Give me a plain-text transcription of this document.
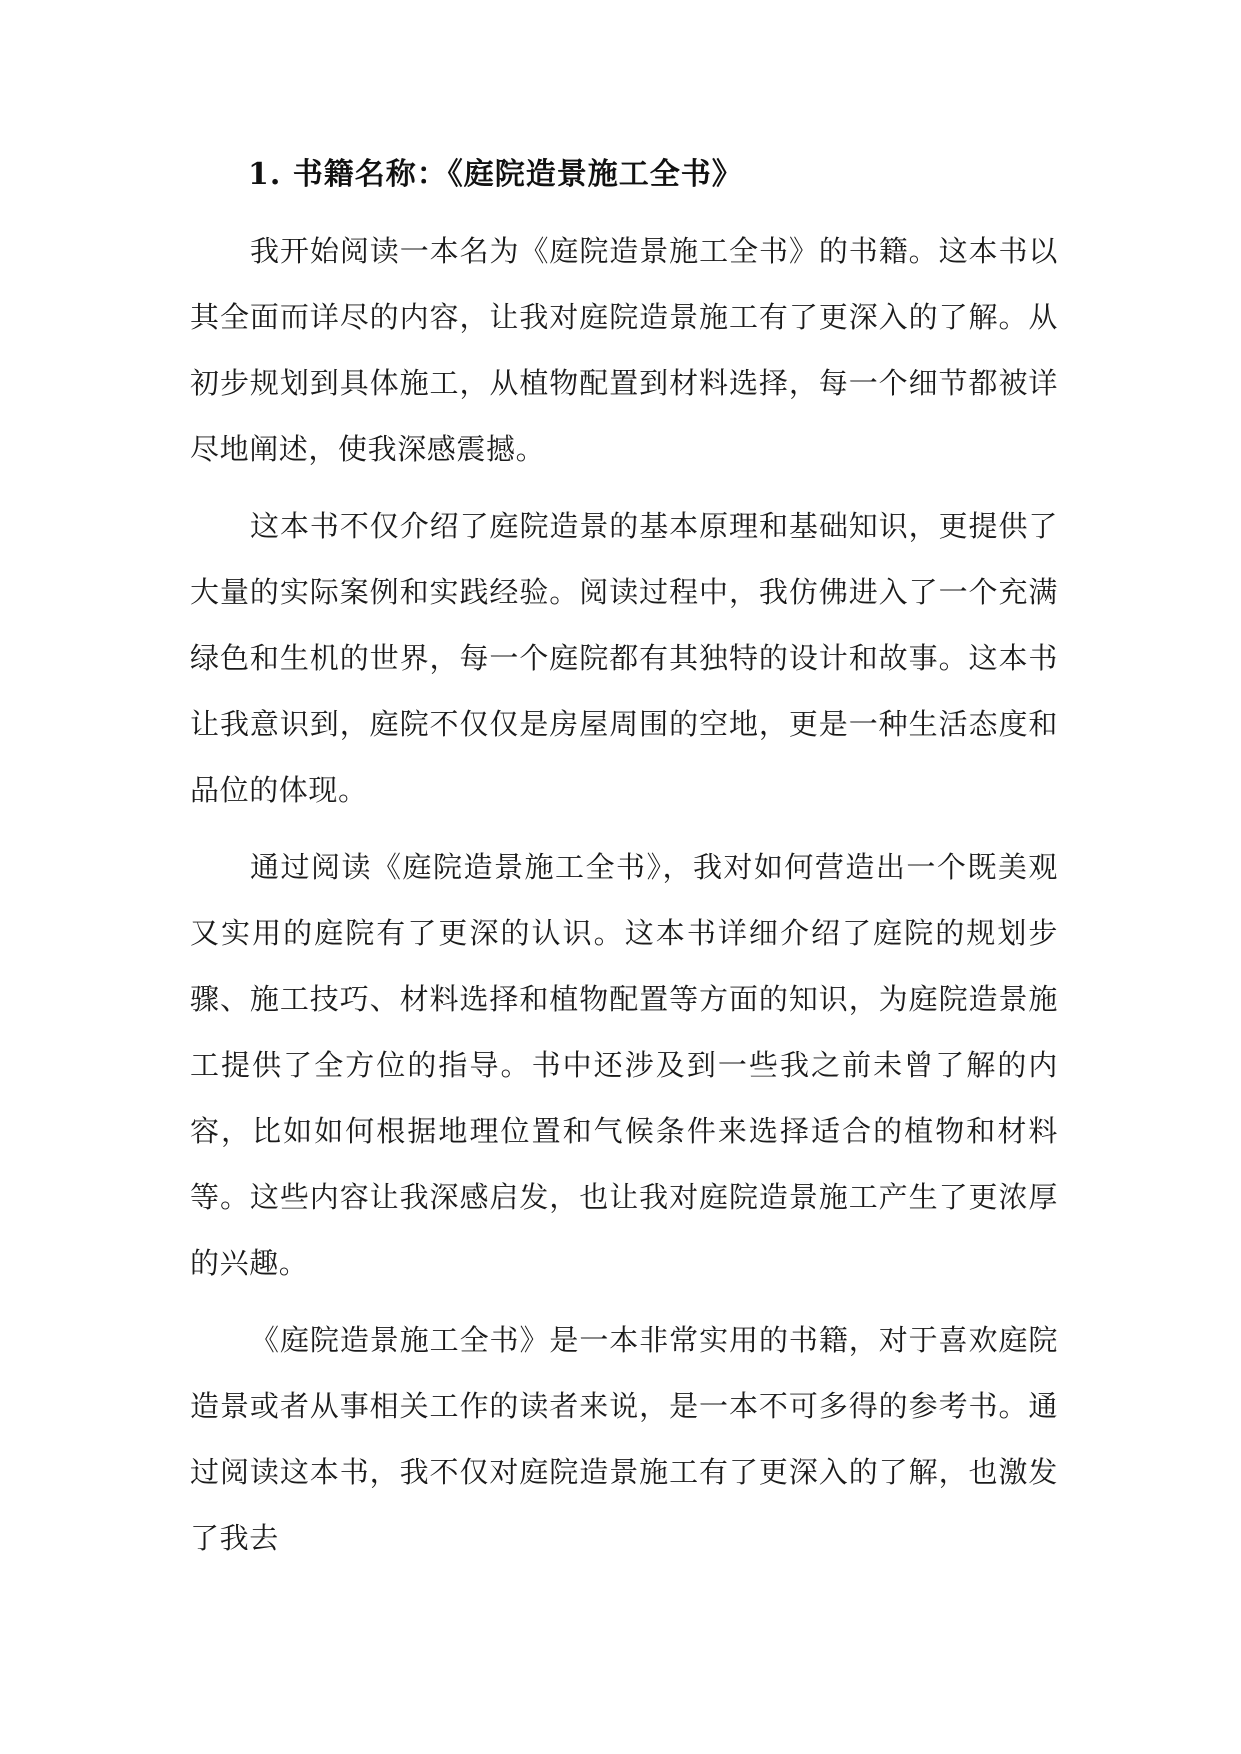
1. 书籍名称：《庭院造景施工全书》

我开始阅读一本名为《庭院造景施工全书》的书籍。这本书以其全面而详尽的内容，让我对庭院造景施工有了更深入的了解。从初步规划到具体施工，从植物配置到材料选择，每一个细节都被详尽地阐述，使我深感震撼。

这本书不仅介绍了庭院造景的基本原理和基础知识，更提供了大量的实际案例和实践经验。阅读过程中，我仿佛进入了一个充满绿色和生机的世界，每一个庭院都有其独特的设计和故事。这本书让我意识到，庭院不仅仅是房屋周围的空地，更是一种生活态度和品位的体现。

通过阅读《庭院造景施工全书》，我对如何营造出一个既美观又实用的庭院有了更深的认识。这本书详细介绍了庭院的规划步骤、施工技巧、材料选择和植物配置等方面的知识，为庭院造景施工提供了全方位的指导。书中还涉及到一些我之前未曾了解的内容，比如如何根据地理位置和气候条件来选择适合的植物和材料等。这些内容让我深感启发，也让我对庭院造景施工产生了更浓厚的兴趣。

《庭院造景施工全书》是一本非常实用的书籍，对于喜欢庭院造景或者从事相关工作的读者来说，是一本不可多得的参考书。通过阅读这本书，我不仅对庭院造景施工有了更深入的了解，也激发了我去
